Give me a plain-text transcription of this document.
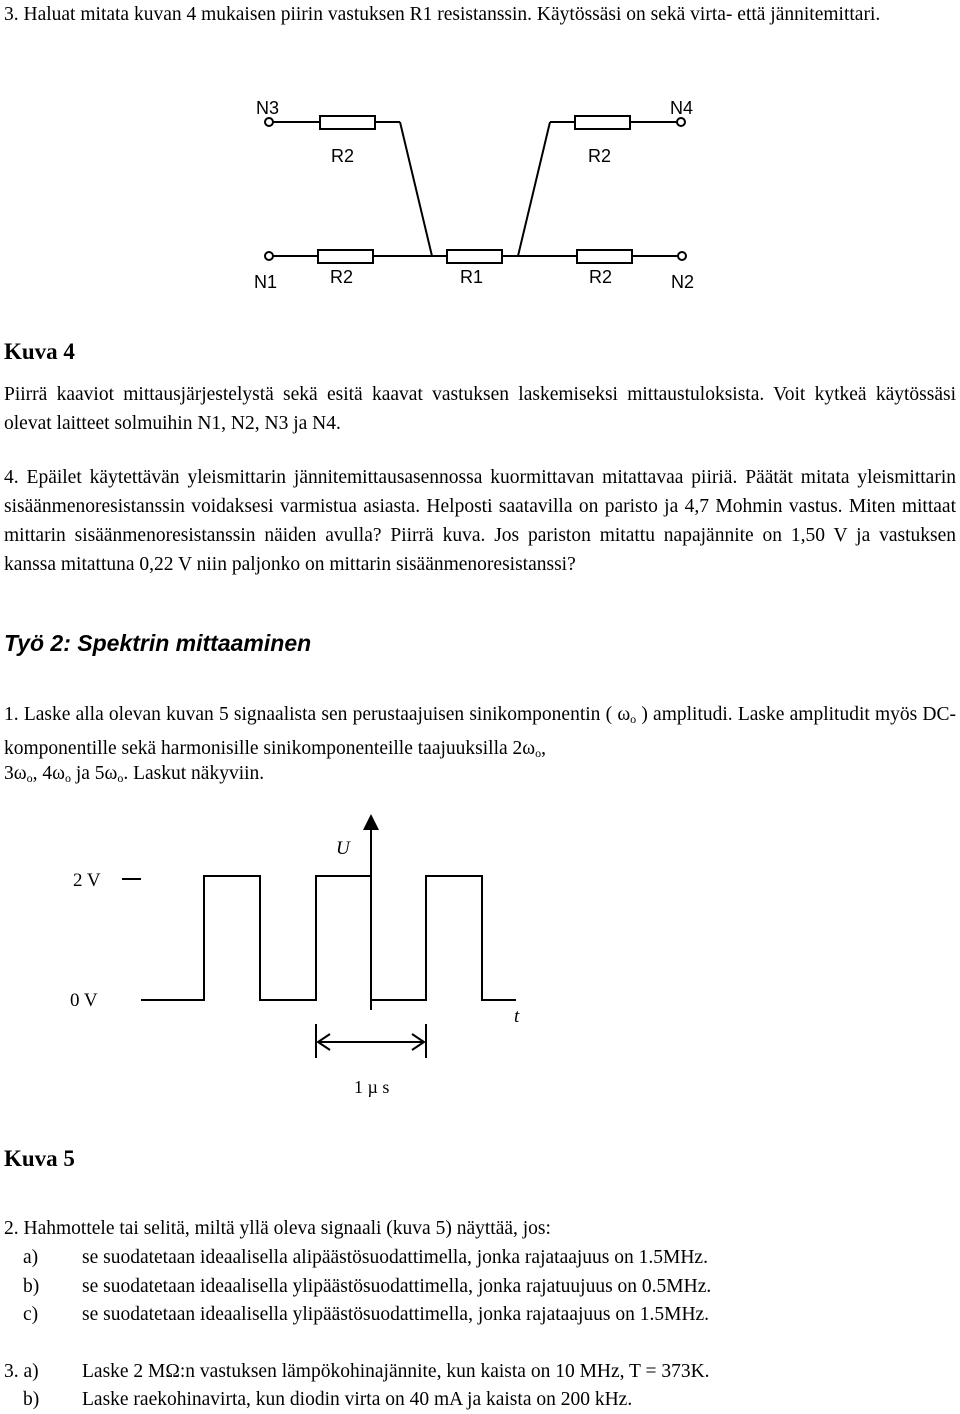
3. Haluat mitata kuvan 4 mukaisen piirin vastuksen R1 resistanssin. Käytössäsi on sekä virta- että jännitemittari.

N3	N4
R2	R2
N1	R2	R1	R2	N2
Kuva 4

Piirrä kaaviot mittausjärjestelystä sekä esitä kaavat vastuksen laskemiseksi mittaustuloksista. Voit kytkeä käytössäsi olevat laitteet solmuihin N1, N2, N3 ja N4.

4. Epäilet käytettävän yleismittarin jännitemittausasennossa kuormittavan mitattavaa piiriä. Päätät mitata yleismittarin sisäänmenoresistanssin voidaksesi varmistua asiasta. Helposti saatavilla on paristo ja 4,7 Mohmin vastus. Miten mittaat mittarin sisäänmenoresistanssin näiden avulla? Piirrä kuva. Jos pariston mitattu napajännite on 1,50 V ja vastuksen kanssa mitattuna 0,22 V niin paljonko on mittarin sisäänmenoresistanssi?

Työ 2: Spektrin mittaaminen

1. Laske alla olevan kuvan 5 signaalista sen perustaajuisen sinikomponentin ( $\omega_o$ ) amplitudi. Laske amplitudit myös DC-komponentille sekä harmonisille sinikomponenteille taajuuksilla $2\omega_o$,

$3\omega_o$, $4\omega_o$ ja $5\omega_o$. Laskut näkyviin.

U
2 V
0 V
t
1 µ s
Kuva 5

2. Hahmottele tai selitä, miltä yllä oleva signaali (kuva 5) näyttää, jos:

a) se suodatetaan ideaalisella alipäästösuodattimella, jonka rajataajuus on 1.5MHz.
b) se suodatetaan ideaalisella ylipäästösuodattimella, jonka rajatuujuus on 0.5MHz.
c) se suodatetaan ideaalisella ylipäästösuodattimella, jonka rajataajuus on 1.5MHz.
3. a) Laske 2 MΩ:n vastuksen lämpökohinajännite, kun kaista on 10 MHz, T = 373K.
b) Laske raekohinavirta, kun diodin virta on 40 mA ja kaista on 200 kHz.
